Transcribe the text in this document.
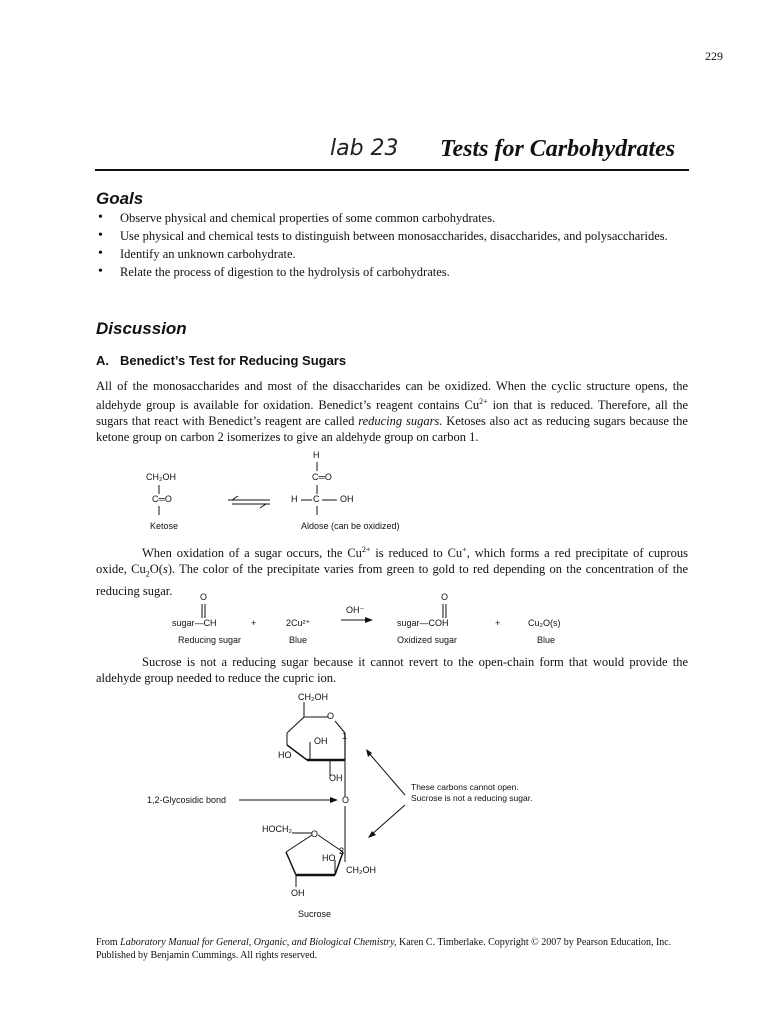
229
lab 23 Tests for Carbohydrates
Goals
• Observe physical and chemical properties of some common carbohydrates.
• Use physical and chemical tests to distinguish between monosaccharides, disaccharides, and polysaccharides.
• Identify an unknown carbohydrate.
• Relate the process of digestion to the hydrolysis of carbohydrates.
Discussion
A. Benedict’s Test for Reducing Sugars

All of the monosaccharides and most of the disaccharides can be oxidized. When the cyclic structure opens, the aldehyde group is available for oxidation. Benedict’s reagent contains $Cu^{2+}$ ion that is reduced. Therefore, all the sugars that react with Benedict’s reagent are called reducing sugars. Ketoses also act as reducing sugars because the ketone group on carbon 2 isomerizes to give an aldehyde group on carbon 1.

CH₂OH
C═O
Ketose
H
C═O
H C OH
Aldose (can be oxidized)

When oxidation of a sugar occurs, the $Cu^{2+}$ is reduced to Cu+, which forms a red precipitate of cuprous oxide, $Cu_2O(s)$. The color of the precipitate varies from green to gold to red depending on the concentration of the reducing sugar.	O
sugar—CH
Reducing sugar
+	2Cu²⁺
Blue
OH⁻
O
sugar—COH
Oxidized sugar
+	Cu₂O(s)
Blue

Sucrose is not a reducing sugar because it cannot revert to the open-chain form that would provide the aldehyde group needed to reduce the cupric ion.

CH₂OH
O
1
OH
HO
OH
1,2-Glycosidic bond	O
These carbons cannot open.
Sucrose is not a reducing sugar.
HOCH₂ O
2
HO
CH₂OH
OH
Sucrose
From Laboratory Manual for General, Organic, and Biological Chemistry, Karen C. Timberlake. Copyright © 2007 by Pearson Education, Inc. Published by Benjamin Cummings. All rights reserved.
